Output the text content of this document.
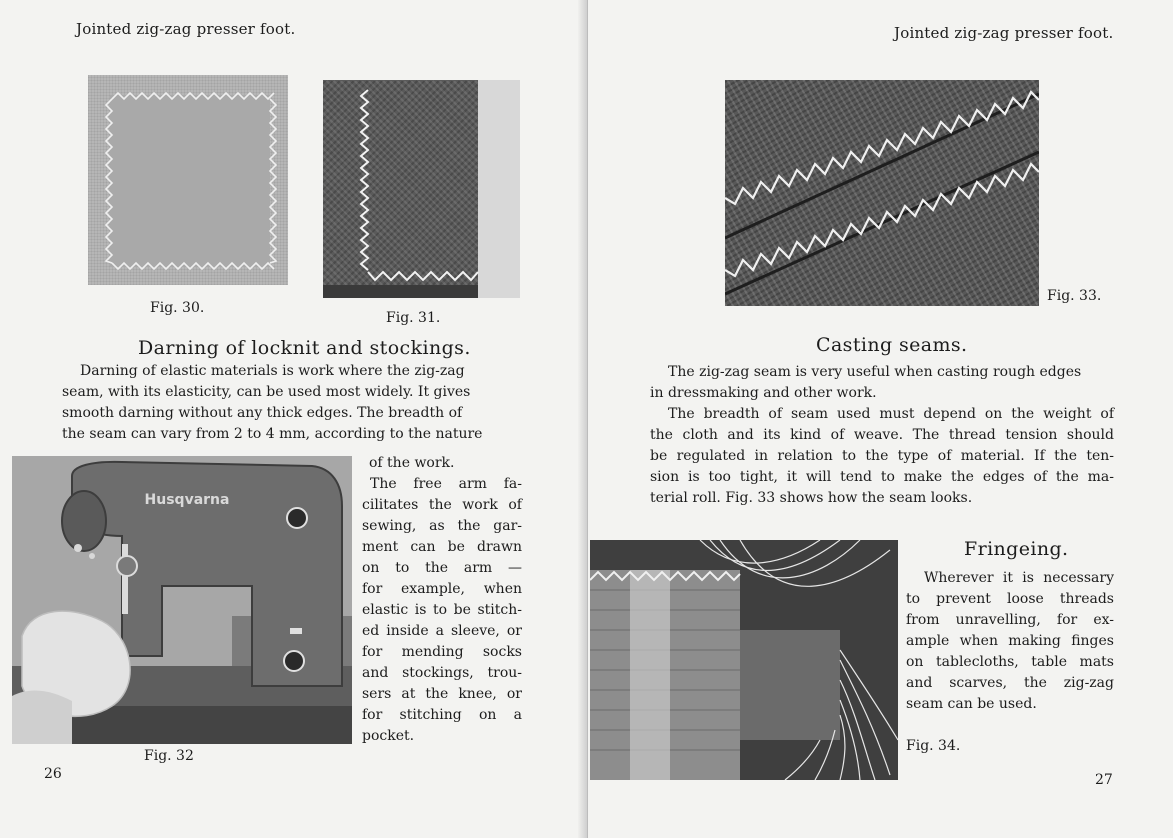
Jointed zig-zag presser foot.
Fig. 30.
Fig. 31.
Darning of locknit and stockings.
Darning of elastic materials is work where the zig-zag
seam, with its elasticity, can be used most widely. It gives
smooth darning without any thick edges. The breadth of
the seam can vary from 2 to 4 mm, according to the nature
Husqvarna
Fig. 32
of the work.
The free arm fa-
cilitates the work of
sewing, as the gar-
ment can be drawn
on to the arm —
for example, when
elastic is to be stitch-
ed inside a sleeve, or
for mending socks
and stockings, trou-
sers at the knee, or
for stitching on a
pocket.
26
Jointed zig-zag presser foot.
Fig. 33.
Casting seams.
The zig-zag seam is very useful when casting rough edges
in dressmaking and other work.
The breadth of seam used must depend on the weight of
the cloth and its kind of weave. The thread tension should
be regulated in relation to the type of material. If the ten-
sion is too tight, it will tend to make the edges of the ma-
terial roll. Fig. 33 shows how the seam looks.
Fringeing.
Wherever it is necessary
to prevent loose threads
from unravelling, for ex-
ample when making finges
on tablecloths, table mats
and scarves, the zig-zag
seam can be used.
Fig. 34.
27
